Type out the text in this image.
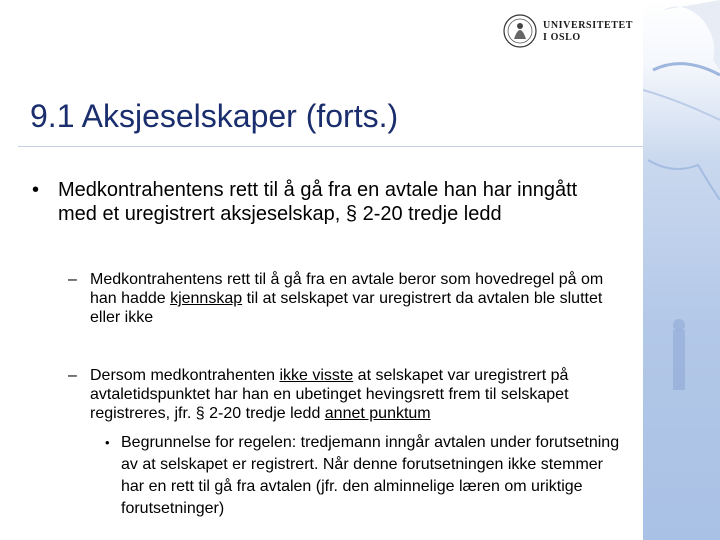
UNIVERSITETET
I OSLO
9.1 Aksjeselskaper (forts.)
• Medkontrahentens rett til å gå fra en avtale han har inngått med et uregistrert aksjeselskap, § 2-20 tredje ledd
– Medkontrahentens rett til å gå fra en avtale beror som hovedregel på om han hadde kjennskap til at selskapet var uregistrert da avtalen ble sluttet eller ikke
– Dersom medkontrahenten ikke visste at selskapet var uregistrert på avtaletidspunktet har han en ubetinget hevingsrett frem til selskapet registreres, jfr. § 2-20 tredje ledd annet punktum
• Begrunnelse for regelen: tredjemann inngår avtalen under forutsetning av at selskapet er registrert. Når denne forutsetningen ikke stemmer har en rett til gå fra avtalen (jfr. den alminnelige læren om uriktige forutsetninger)
